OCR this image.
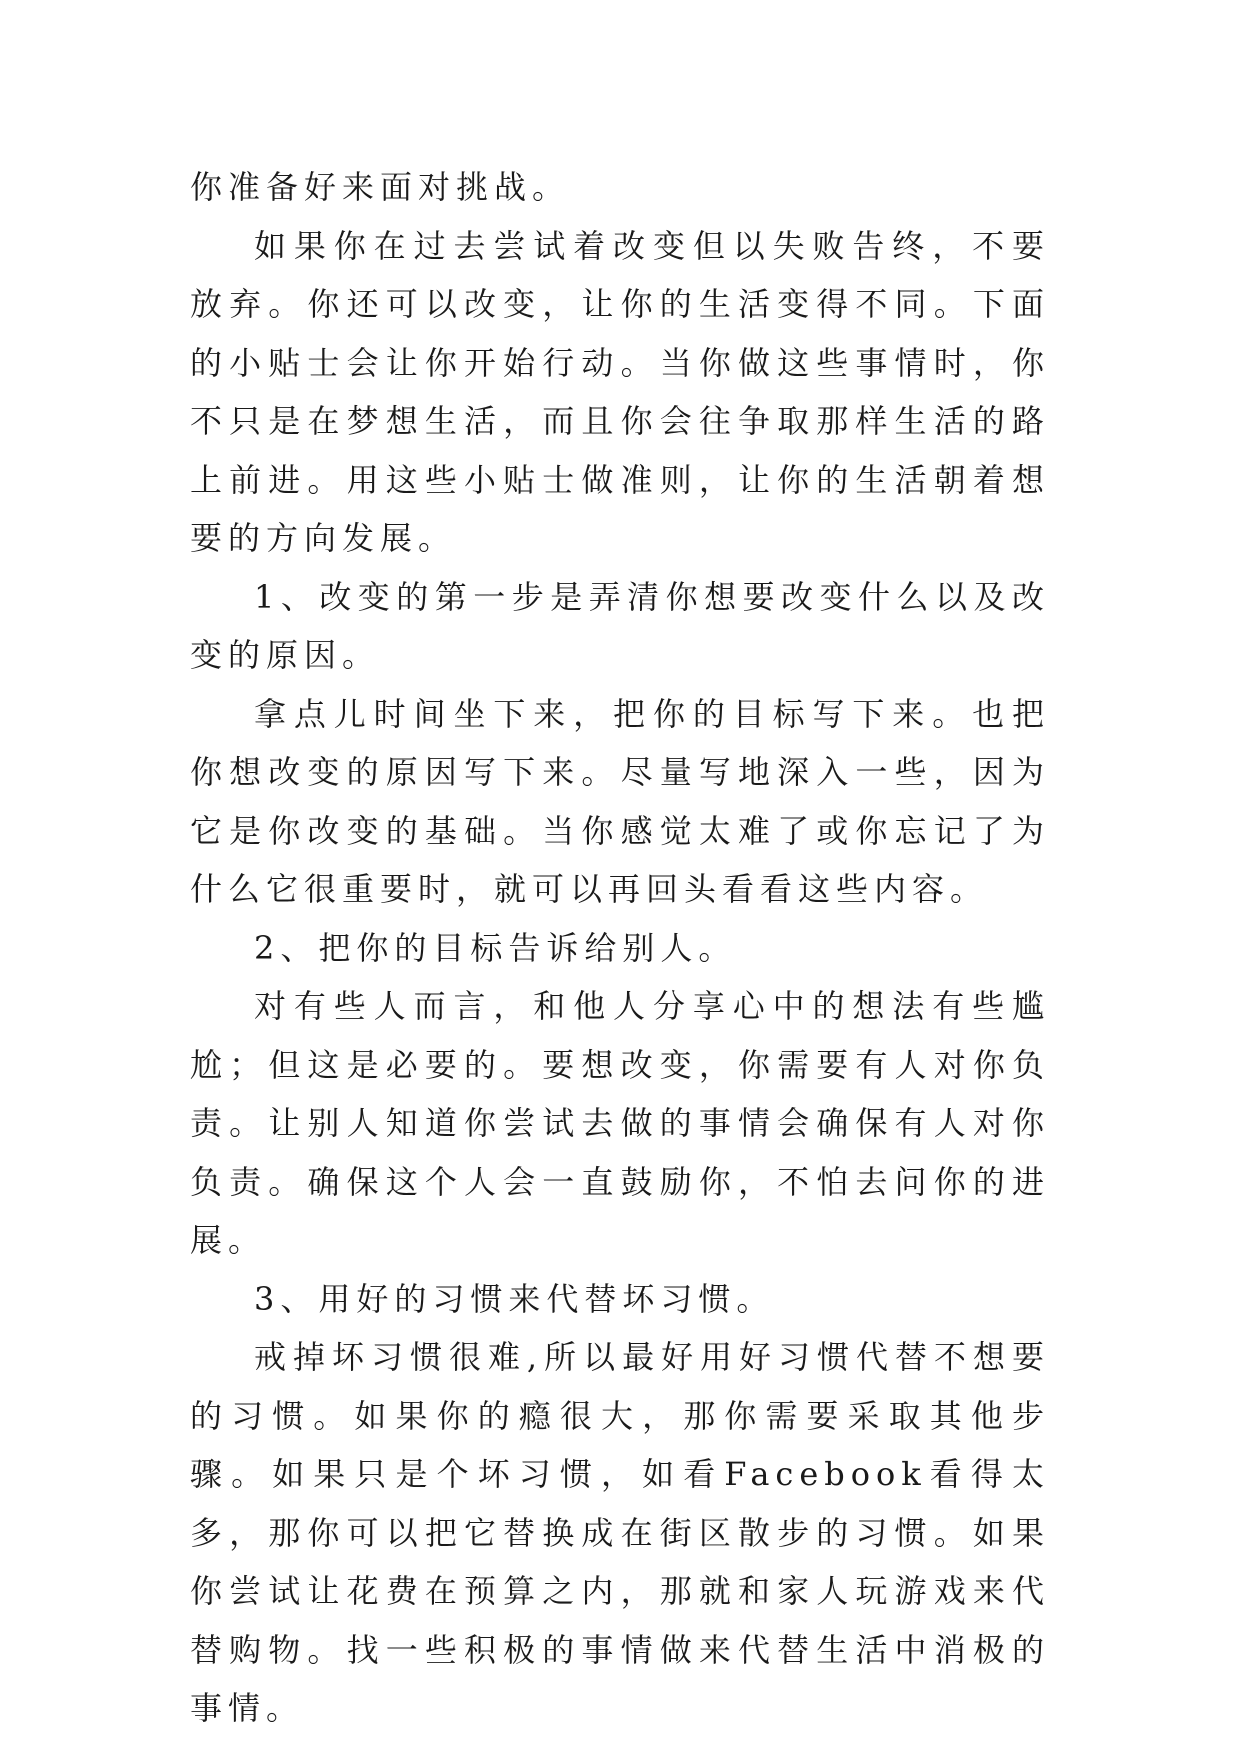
你准备好来面对挑战。

如果你在过去尝试着改变但以失败告终，不要放弃。你还可以改变，让你的生活变得不同。下面的小贴士会让你开始行动。当你做这些事情时，你不只是在梦想生活，而且你会往争取那样生活的路上前进。用这些小贴士做准则，让你的生活朝着想要的方向发展。

1、改变的第一步是弄清你想要改变什么以及改变的原因。

拿点儿时间坐下来，把你的目标写下来。也把你想改变的原因写下来。尽量写地深入一些，因为它是你改变的基础。当你感觉太难了或你忘记了为什么它很重要时，就可以再回头看看这些内容。

2、把你的目标告诉给别人。

对有些人而言，和他人分享心中的想法有些尴尬；但这是必要的。要想改变，你需要有人对你负责。让别人知道你尝试去做的事情会确保有人对你负责。确保这个人会一直鼓励你，不怕去问你的进展。

3、用好的习惯来代替坏习惯。

戒掉坏习惯很难,所以最好用好习惯代替不想要的习惯。如果你的瘾很大，那你需要采取其他步骤。如果只是个坏习惯，如看Facebook看得太多，那你可以把它替换成在街区散步的习惯。如果你尝试让花费在预算之内，那就和家人玩游戏来代替购物。找一些积极的事情做来代替生活中消极的事情。
